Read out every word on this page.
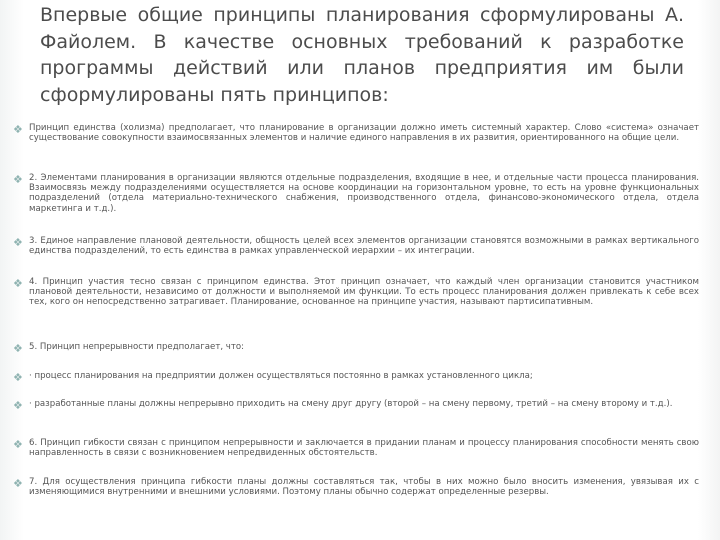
Впервые общие принципы планирования сформулированы А. Файолем. В качестве основных требований к разработке программы действий или планов предприятия им были сформулированы пять принципов:
❖ Принцип единства (холизма) предполагает, что планирование в организации должно иметь системный характер. Слово «система» означает существование совокупности взаимосвязанных элементов и наличие единого направления в их развития, ориентированного на общие цели.

❖ 2. Элементами планирования в организации являются отдельные подразделения, входящие в нее, и отдельные части процесса планирования. Взаимосвязь между подразделениями осуществляется на основе координации на горизонтальном уровне, то есть на уровне функциональных подразделений (отдела материально-технического снабжения, производственного отдела, финансово-экономического отдела, отдела маркетинга и т.д.).

❖ 3. Единое направление плановой деятельности, общность целей всех элементов организации становятся возможными в рамках вертикального единства подразделений, то есть единства в рамках управленческой иерархии – их интеграции.

❖ 4. Принцип участия тесно связан с принципом единства. Этот принцип означает, что каждый член организации становится участником плановой деятельности, независимо от должности и выполняемой им функции. То есть процесс планирования должен привлекать к себе всех тех, кого он непосредственно затрагивает. Планирование, основанное на принципе участия, называют партисипативным.

❖ 5. Принцип непрерывности предполагает, что:

❖ · процесс планирования на предприятии должен осуществляться постоянно в рамках установленного цикла;

❖ · разработанные планы должны непрерывно приходить на смену друг другу (второй – на смену первому, третий – на смену второму и т.д.).

❖ 6. Принцип гибкости связан с принципом непрерывности и заключается в придании планам и процессу планирования способности менять свою направленность в связи с возникновением непредвиденных обстоятельств.

❖ 7. Для осуществления принципа гибкости планы должны составляться так, чтобы в них можно было вносить изменения, увязывая их с изменяющимися внутренними и внешними условиями. Поэтому планы обычно содержат определенные резервы.
